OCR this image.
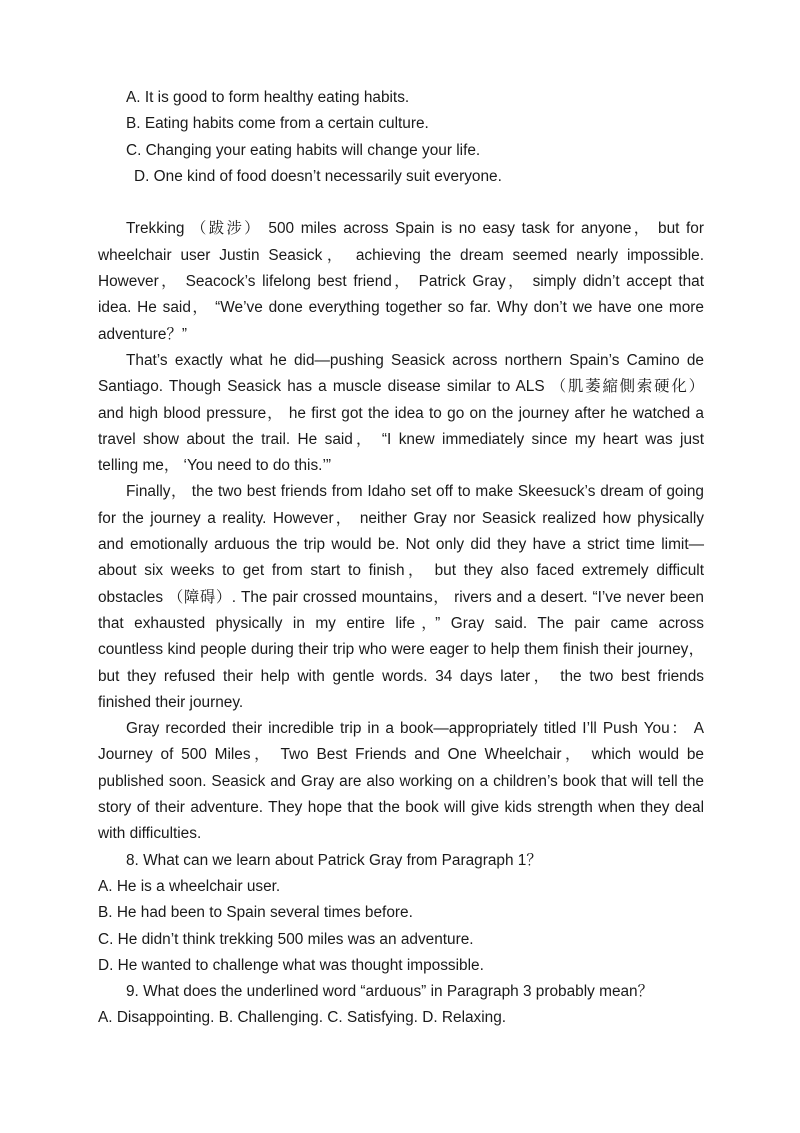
A. It is good to form healthy eating habits.
B. Eating habits come from a certain culture.
C. Changing your eating habits will change your life.
D. One kind of food doesn’t necessarily suit everyone.
Trekking （跋涉） 500 miles across Spain is no easy task for anyone， but for
wheelchair user Justin Seasick， achieving the dream seemed nearly impossible.
However， Seacock’s lifelong best friend， Patrick Gray， simply didn’t accept that
idea. He said， “We’ve done everything together so far. Why don’t we have one more
adventure？”
That’s exactly what he did—pushing Seasick across northern Spain’s Camino de
Santiago. Though Seasick has a muscle disease similar to ALS （肌萎縮側索硬化）
and high blood pressure， he first got the idea to go on the journey after he watched a
travel show about the trail. He said， “I knew immediately since my heart was just
telling me， ‘You need to do this.’”
Finally， the two best friends from Idaho set off to make Skeesuck’s dream of going
for the journey a reality. However， neither Gray nor Seasick realized how physically
and emotionally arduous the trip would be. Not only did they have a strict time limit—
about six weeks to get from start to finish， but they also faced extremely difficult
obstacles （障碍）. The pair crossed mountains， rivers and a desert. “I’ve never been
that exhausted physically in my entire life，” Gray said. The pair came across
countless kind people during their trip who were eager to help them finish their journey，
but they refused their help with gentle words. 34 days later， the two best friends
finished their journey.
Gray recorded their incredible trip in a book—appropriately titled I’ll Push You： A
Journey of 500 Miles， Two Best Friends and One Wheelchair， which would be
published soon. Seasick and Gray are also working on a children’s book that will tell the
story of their adventure. They hope that the book will give kids strength when they deal
with difficulties.
8. What can we learn about Patrick Gray from Paragraph 1？
A. He is a wheelchair user.
B. He had been to Spain several times before.
C. He didn’t think trekking 500 miles was an adventure.
D. He wanted to challenge what was thought impossible.
9. What does the underlined word “arduous” in Paragraph 3 probably mean？
A. Disappointing. B. Challenging. C. Satisfying. D. Relaxing.
